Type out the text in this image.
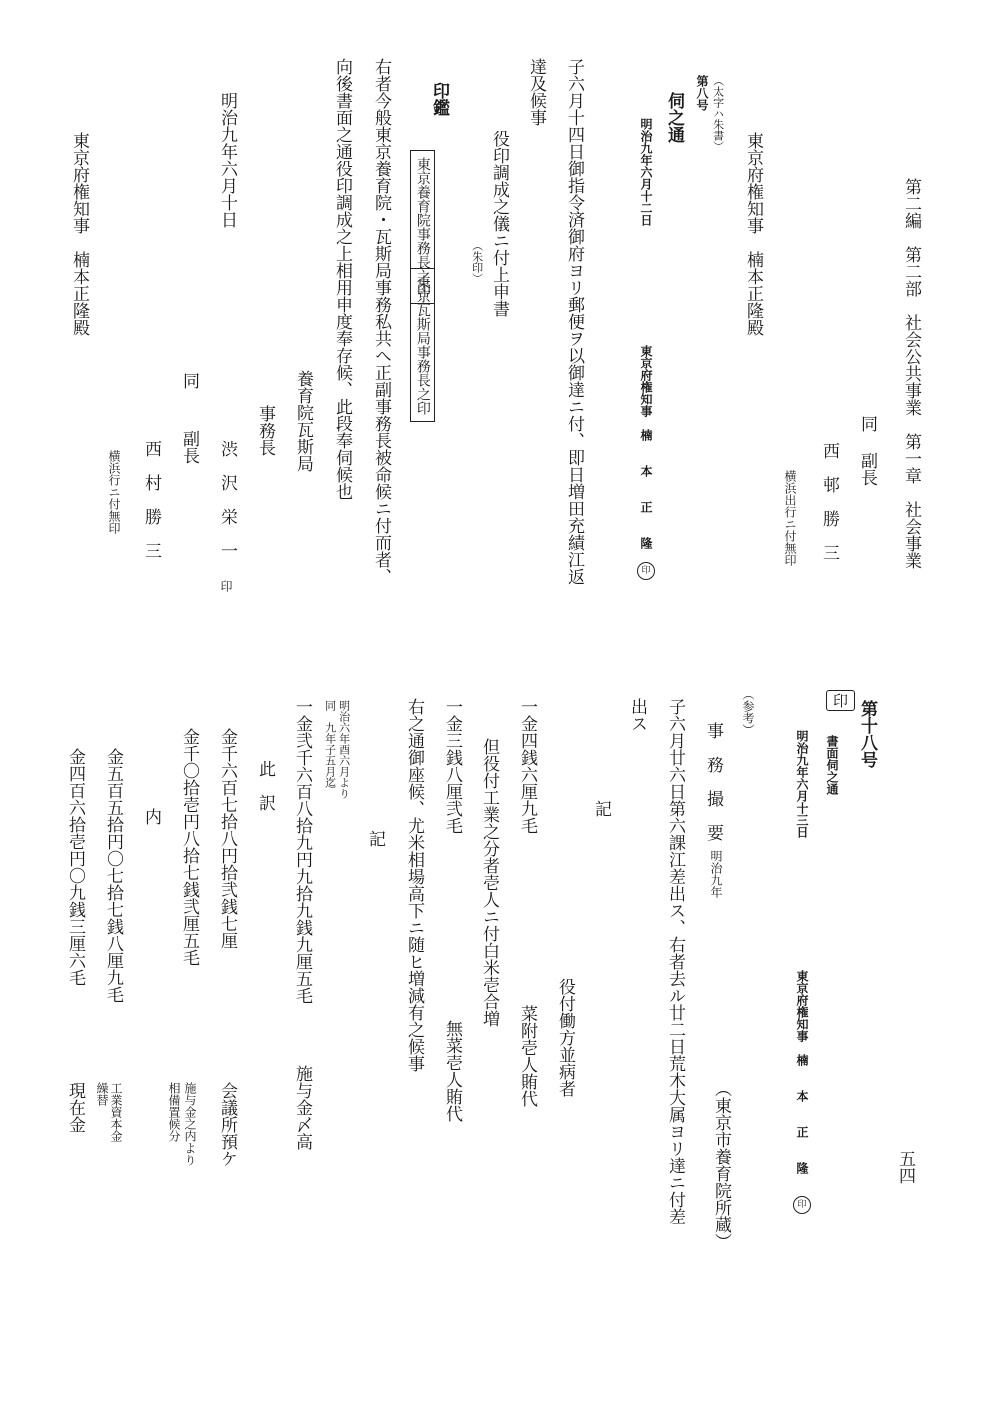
第二編　第二部　社会公共事業　第一章　社会事業
同
副長
西　邨　勝　三
横浜出行ニ付無印
東京府権知事　楠本正隆殿
（太字ハ朱書）
第八号
伺之通
明治九年六月十二日
東京府権知事　楠　　本　　正　　隆
印
子六月十四日御指令済御府ヨリ郵便ヲ以御達ニ付、即日増田充績江返
達及候事
役印調成之儀ニ付上申書
（朱印）
印鑑
東京養育院事務長之印
東京瓦斯局事務長之印
右者今般東京養育院・瓦斯局事務私共へ正副事務長被命候ニ付而者、
向後書面之通役印調成之上相用申度奉存候、此段奉伺候也
養育院瓦斯局
事務長
明治九年六月十日
渋　沢　栄　一
印
同
副長
西　村　勝　三
横浜行ニ付無印
東京府権知事　楠本正隆殿
五四
印 第十八号
書面伺之通
明治九年六月十三日
東京府権知事　楠　　本　　正　　隆
印
（参考）
事　務　撮　要
明治九年
（東京市養育院所蔵）
子六月廿六日第六課江差出ス、右者去ル廿二日荒木大属ヨリ達ニ付差
出ス
記
役付働方並病者
一金四銭六厘九毛
菜附壱人賄代
但役付工業之分者壱人ニ付白米壱合増
一金三銭八厘弐毛
無菜壱人賄代
右之通御座候、尤米相場高下ニ随ヒ増減有之候事
記
明治六年酉六月より
同　九年子五月迄
一金弐千六百八拾九円九拾九銭九厘五毛
施与金〆高
此　訳
金千六百七拾八円拾弐銭七厘
会議所預ケ
金千〇拾壱円八拾七銭弐厘五毛
施与金之内より
相備置候分
内
金五百五拾円〇七拾七銭八厘九毛
工業資本金
繰替
金四百六拾壱円〇九銭三厘六毛
現在金
